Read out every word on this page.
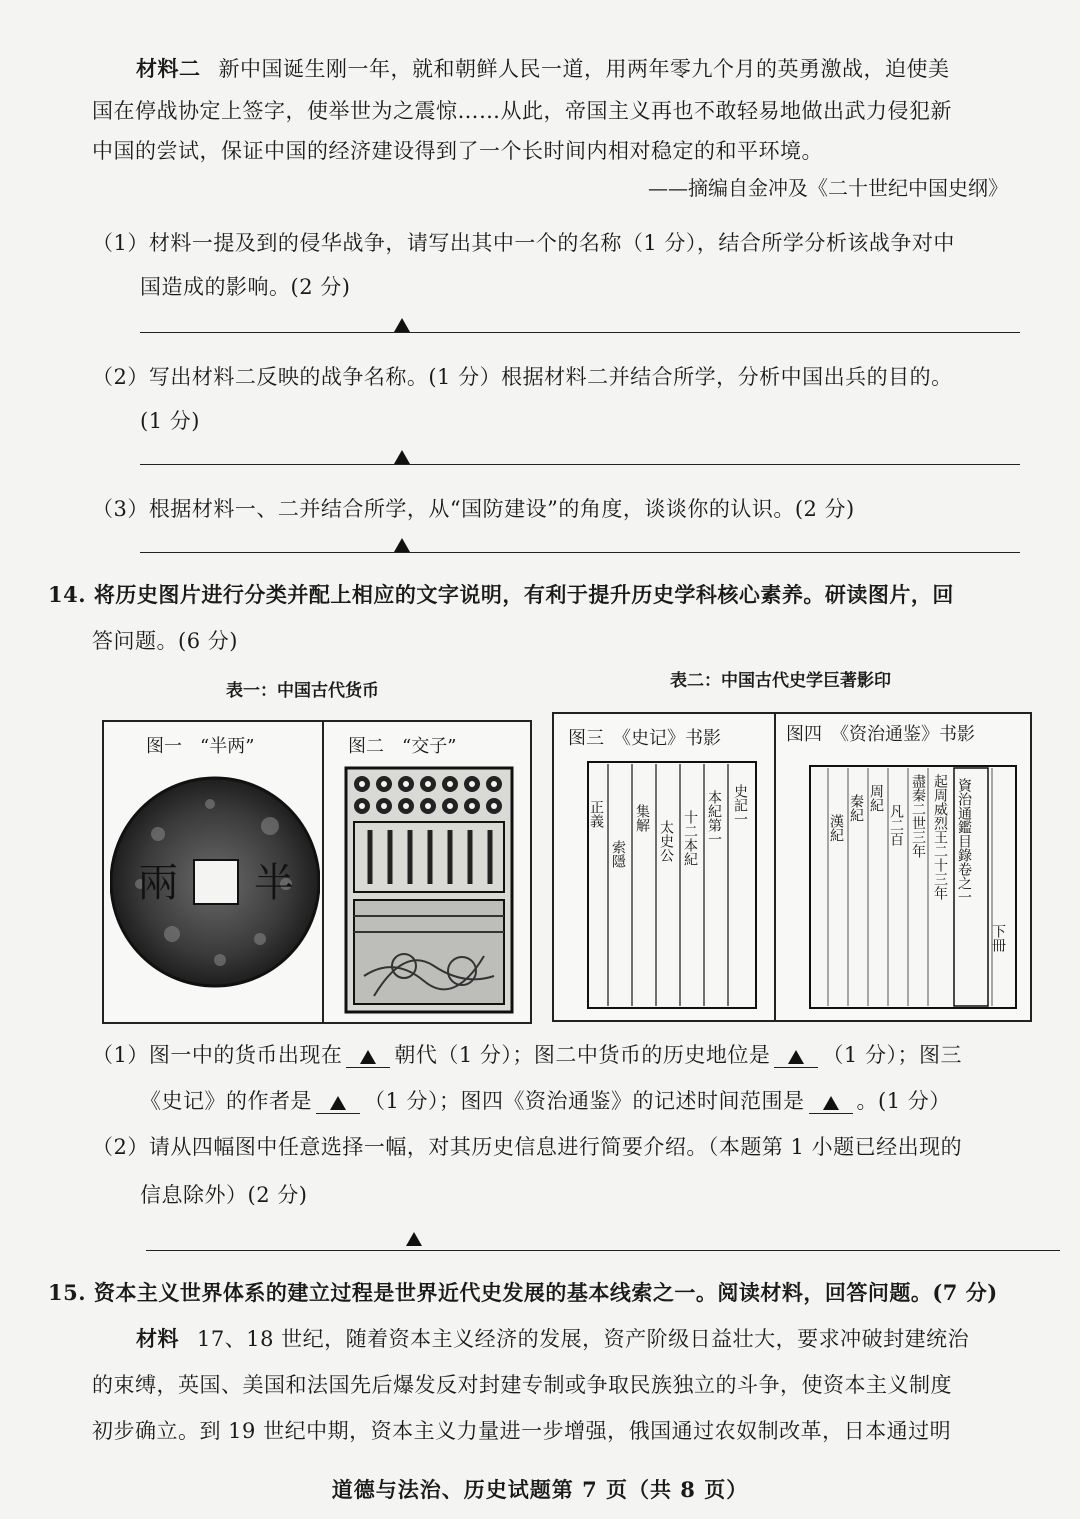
材料二 新中国诞生刚一年，就和朝鲜人民一道，用两年零九个月的英勇激战，迫使美
国在停战协定上签字，使举世为之震惊……从此，帝国主义再也不敢轻易地做出武力侵犯新
中国的尝试，保证中国的经济建设得到了一个长时间内相对稳定的和平环境。
——摘编自金冲及《二十世纪中国史纲》
（1）材料一提及到的侵华战争，请写出其中一个的名称（1 分），结合所学分析该战争对中
国造成的影响。(2 分)
（2）写出材料二反映的战争名称。(1 分）根据材料二并结合所学，分析中国出兵的目的。
(1 分)
（3）根据材料一、二并结合所学，从“国防建设”的角度，谈谈你的认识。(2 分)
14. 将历史图片进行分类并配上相应的文字说明，有利于提升历史学科核心素养。研读图片，回
答问题。(6 分)
表一：中国古代货币	表二：中国古代史学巨著影印
图一　“半两”	图二　“交子”
兩 半
图三　《史记》书影	图四　《资治通鉴》书影
史記一
本紀第一
十二本紀
太史公
集解
索隱
正義	資治通鑑目錄卷之一
起周威烈王二十三年
盡秦二世三年
凡二百
周紀
秦紀
漢紀
下冊
（1）图一中的货币出现在 朝代（1 分）；图二中货币的历史地位是 （1 分）；图三
《史记》的作者是 （1 分）；图四《资治通鉴》的记述时间范围是 。(1 分）
（2）请从四幅图中任意选择一幅，对其历史信息进行简要介绍。（本题第 1 小题已经出现的
信息除外）(2 分)
15. 资本主义世界体系的建立过程是世界近代史发展的基本线索之一。阅读材料，回答问题。(7 分)
材料 17、18 世纪，随着资本主义经济的发展，资产阶级日益壮大，要求冲破封建统治
的束缚，英国、美国和法国先后爆发反对封建专制或争取民族独立的斗争，使资本主义制度
初步确立。到 19 世纪中期，资本主义力量进一步增强，俄国通过农奴制改革，日本通过明
道德与法治、历史试题第 7 页（共 8 页）
